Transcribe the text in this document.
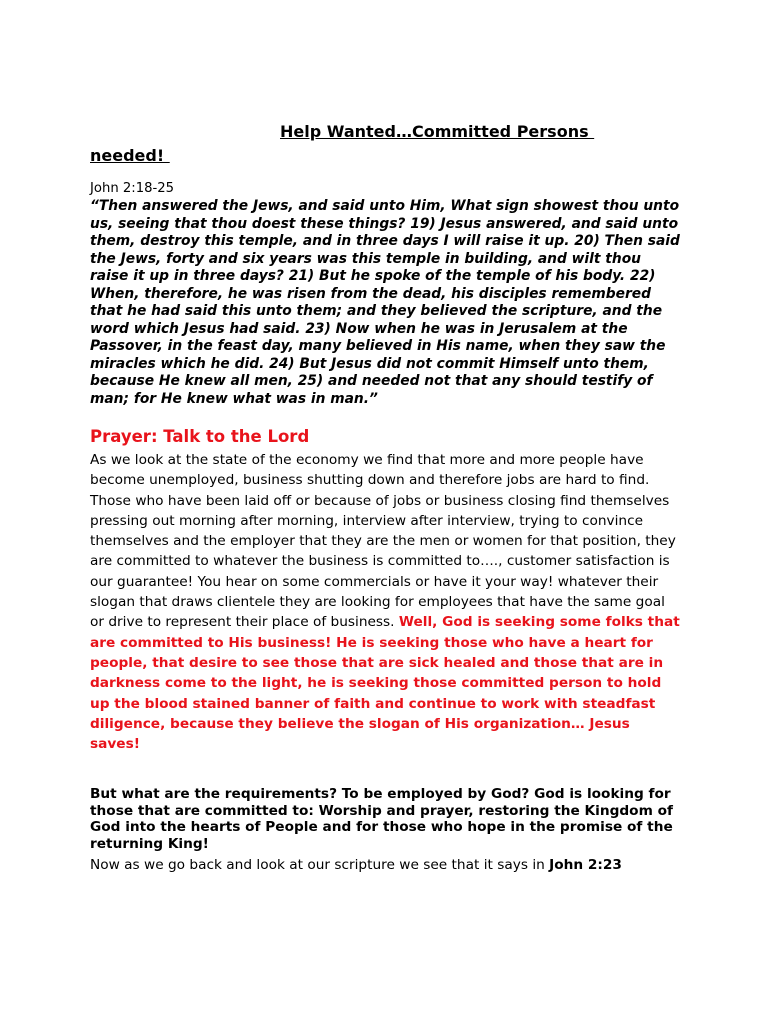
Help Wanted…Committed Persons
needed!
John 2:18-25
“Then answered the Jews, and said unto Him, What sign showest thou unto us, seeing that thou doest these things? 19) Jesus answered, and said unto them, destroy this temple, and in three days I will raise it up. 20) Then said the Jews, forty and six years was this temple in building, and wilt thou raise it up in three days? 21) But he spoke of the temple of his body. 22) When, therefore, he was risen from the dead, his disciples remembered that he had said this unto them; and they believed the scripture, and the word which Jesus had said. 23) Now when he was in Jerusalem at the Passover, in the feast day, many believed in His name, when they saw the miracles which he did. 24) But Jesus did not commit Himself unto them, because He knew all men, 25) and needed not that any should testify of man; for He knew what was in man.”
Prayer: Talk to the Lord
As we look at the state of the economy we find that more and more people have become unemployed, business shutting down and therefore jobs are hard to find. Those who have been laid off or because of jobs or business closing find themselves pressing out morning after morning, interview after interview, trying to convince themselves and the employer that they are the men or women for that position, they are committed to whatever the business is committed to…., customer satisfaction is our guarantee! You hear on some commercials or have it your way! whatever their slogan that draws clientele they are looking for employees that have the same goal or drive to represent their place of business. Well, God is seeking some folks that are committed to His business! He is seeking those who have a heart for people, that desire to see those that are sick healed and those that are in darkness come to the light, he is seeking those committed person to hold up the blood stained banner of faith and continue to work with steadfast diligence, because they believe the slogan of His organization… Jesus saves!
But what are the requirements? To be employed by God? God is looking for those that are committed to: Worship and prayer, restoring the Kingdom of God into the hearts of People and for those who hope in the promise of the returning King!
Now as we go back and look at our scripture we see that it says in John 2:23
